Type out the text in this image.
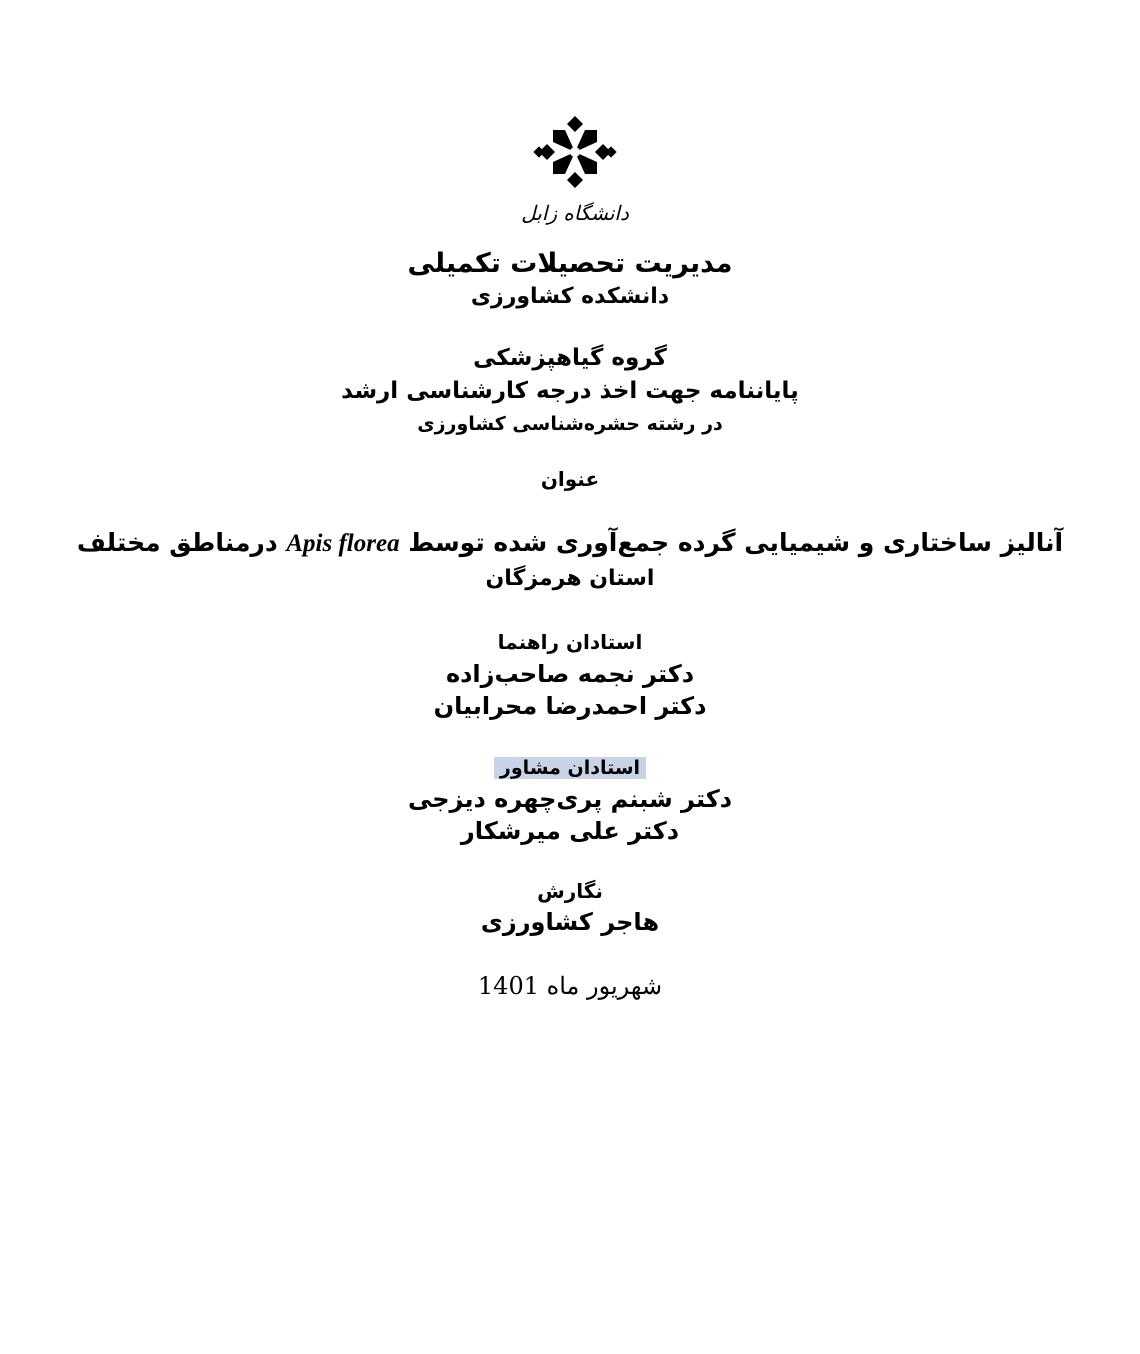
دانشگاه زابل
مدیریت تحصیلات تکمیلی
دانشکده کشاورزی
گروه گیاهپزشکی
پایاننامه جهت اخذ درجه کارشناسی ارشد
در رشته حشره‌شناسی کشاورزی
عنوان
آنالیز ساختاری و شیمیایی گرده جمع‌آوری شده توسط Apis florea درمناطق مختلف
استان هرمزگان
استادان راهنما
دکتر نجمه صاحب‌زاده
دکتر احمدرضا محرابیان
استادان مشاور
دکتر شبنم پری‌چهره دیزجی
دکتر علی میرشکار
نگارش
هاجر کشاورزی
شهریور ماه 1401
